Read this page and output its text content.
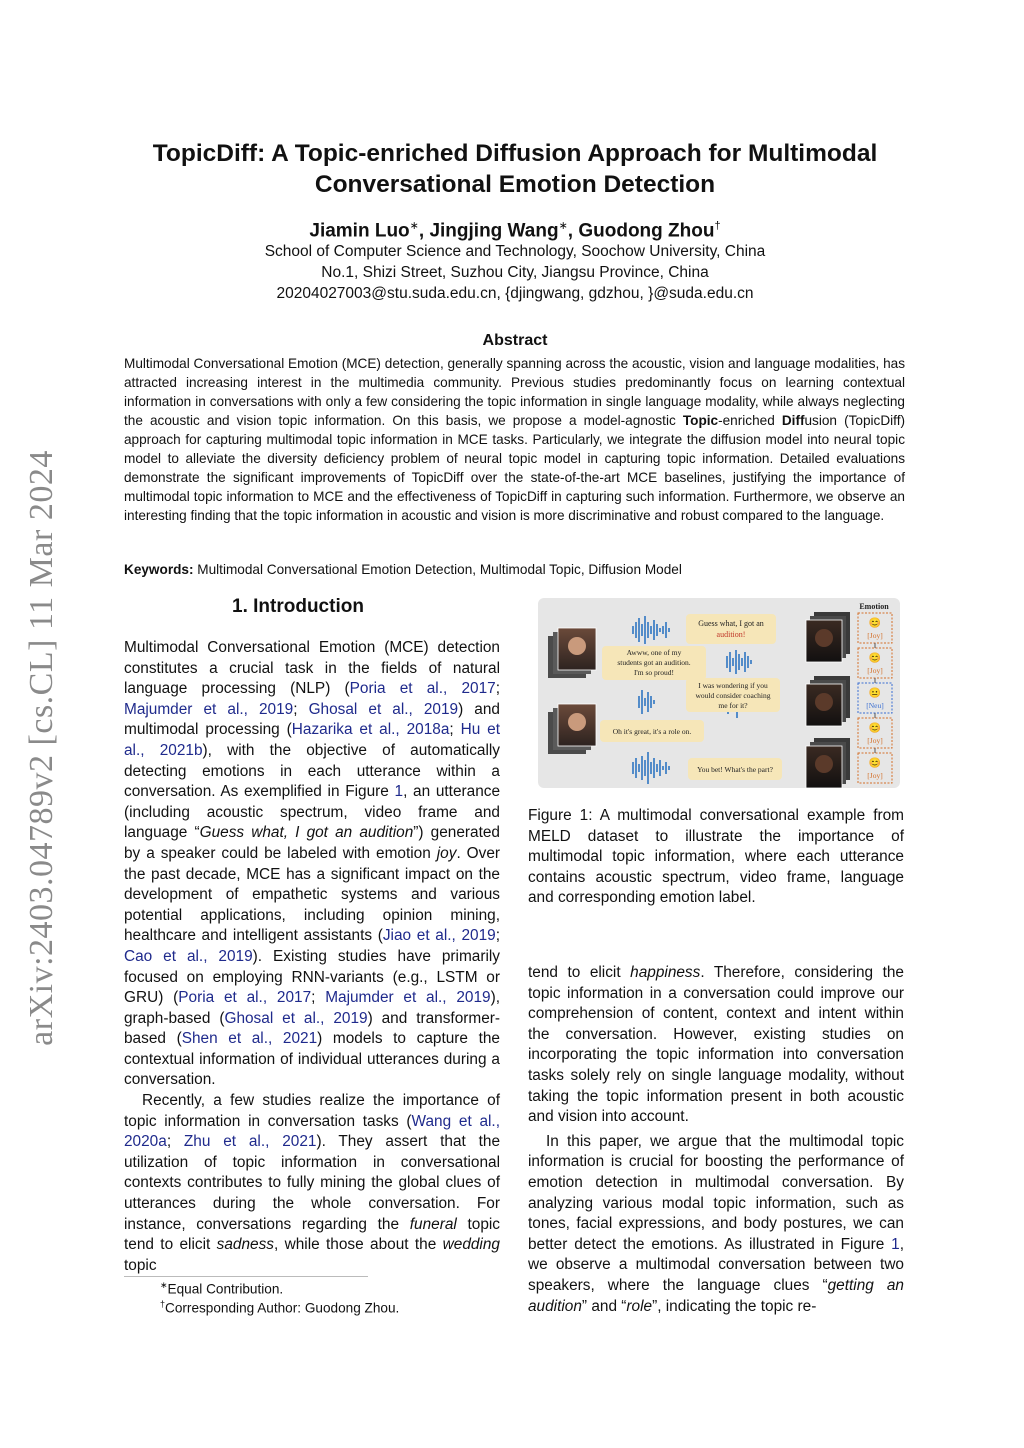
arXiv:2403.04789v2 [cs.CL] 11 Mar 2024
TopicDiff: A Topic-enriched Diffusion Approach for Multimodal
Conversational Emotion Detection
Jiamin Luo∗, Jingjing Wang∗, Guodong Zhou†
School of Computer Science and Technology, Soochow University, China
No.1, Shizi Street, Suzhou City, Jiangsu Province, China
20204027003@stu.suda.edu.cn, {djingwang, gdzhou, }@suda.edu.cn
Abstract

Multimodal Conversational Emotion (MCE) detection, generally spanning across the acoustic, vision and language modalities, has attracted increasing interest in the multimedia community. Previous studies predominantly focus on learning contextual information in conversations with only a few considering the topic information in single language modality, while always neglecting the acoustic and vision topic information. On this basis, we propose a model-agnostic Topic-enriched Diffusion (TopicDiff) approach for capturing multimodal topic information in MCE tasks. Particularly, we integrate the diffusion model into neural topic model to alleviate the diversity deficiency problem of neural topic model in capturing topic information. Detailed evaluations demonstrate the significant improvements of TopicDiff over the state-of-the-art MCE baselines, justifying the importance of multimodal topic information to MCE and the effectiveness of TopicDiff in capturing such information. Furthermore, we observe an interesting finding that the topic information in acoustic and vision is more discriminative and robust compared to the language.

Keywords: Multimodal Conversational Emotion Detection, Multimodal Topic, Diffusion Model
1. Introduction

Multimodal Conversational Emotion (MCE) detection constitutes a crucial task in the fields of natural language processing (NLP) (Poria et al., 2017; Majumder et al., 2019; Ghosal et al., 2019) and multimodal processing (Hazarika et al., 2018a; Hu et al., 2021b), with the objective of automatically detecting emotions in each utterance within a conversation. As exemplified in Figure 1, an utterance (including acoustic spectrum, video frame and language “Guess what, I got an audition”) generated by a speaker could be labeled with emotion joy. Over the past decade, MCE has a significant impact on the development of empathetic systems and various potential applications, including opinion mining, healthcare and intelligent assistants (Jiao et al., 2019; Cao et al., 2019). Existing studies have primarily focused on employing RNN-variants (e.g., LSTM or GRU) (Poria et al., 2017; Majumder et al., 2019), graph-based (Ghosal et al., 2019) and transformer-based (Shen et al., 2021) models to capture the contextual information of individual utterances during a conversation.

Recently, a few studies realize the importance of topic information in conversation tasks (Wang et al., 2020a; Zhu et al., 2021). They assert that the utilization of topic information in conversational contexts contributes to fully mining the global clues of utterances during the whole conversation. For instance, conversations regarding the funeral topic tend to elicit sadness, while those about the wedding topic

∗Equal Contribution.
†Corresponding Author: Guodong Zhou.
Guess what, I got an
audition!
Awww, one of my
students got an audition.
I'm so proud!
I was wondering if you
would consider coaching
me for it?
Oh it's great, it's a role on.
You bet! What's the part?
Emotion
😊
[Joy]
😊
[Joy]
😐
[Neu]
😊
[Joy]
😊
[Joy]
Figure 1: A multimodal conversational example from MELD dataset to illustrate the importance of multimodal topic information, where each utterance contains acoustic spectrum, video frame, language and corresponding emotion label.

tend to elicit happiness. Therefore, considering the topic information in a conversation could improve our comprehension of content, context and intent within the conversation. However, existing studies on incorporating the topic information into conversation tasks solely rely on single language modality, without taking the topic information present in both acoustic and vision into account.

In this paper, we argue that the multimodal topic information is crucial for boosting the performance of emotion detection in multimodal conversation. By analyzing various modal topic information, such as tones, facial expressions, and body postures, we can better detect the emotions. As illustrated in Figure 1, we observe a multimodal conversation between two speakers, where the language clues “getting an audition” and “role”, indicating the topic re-
